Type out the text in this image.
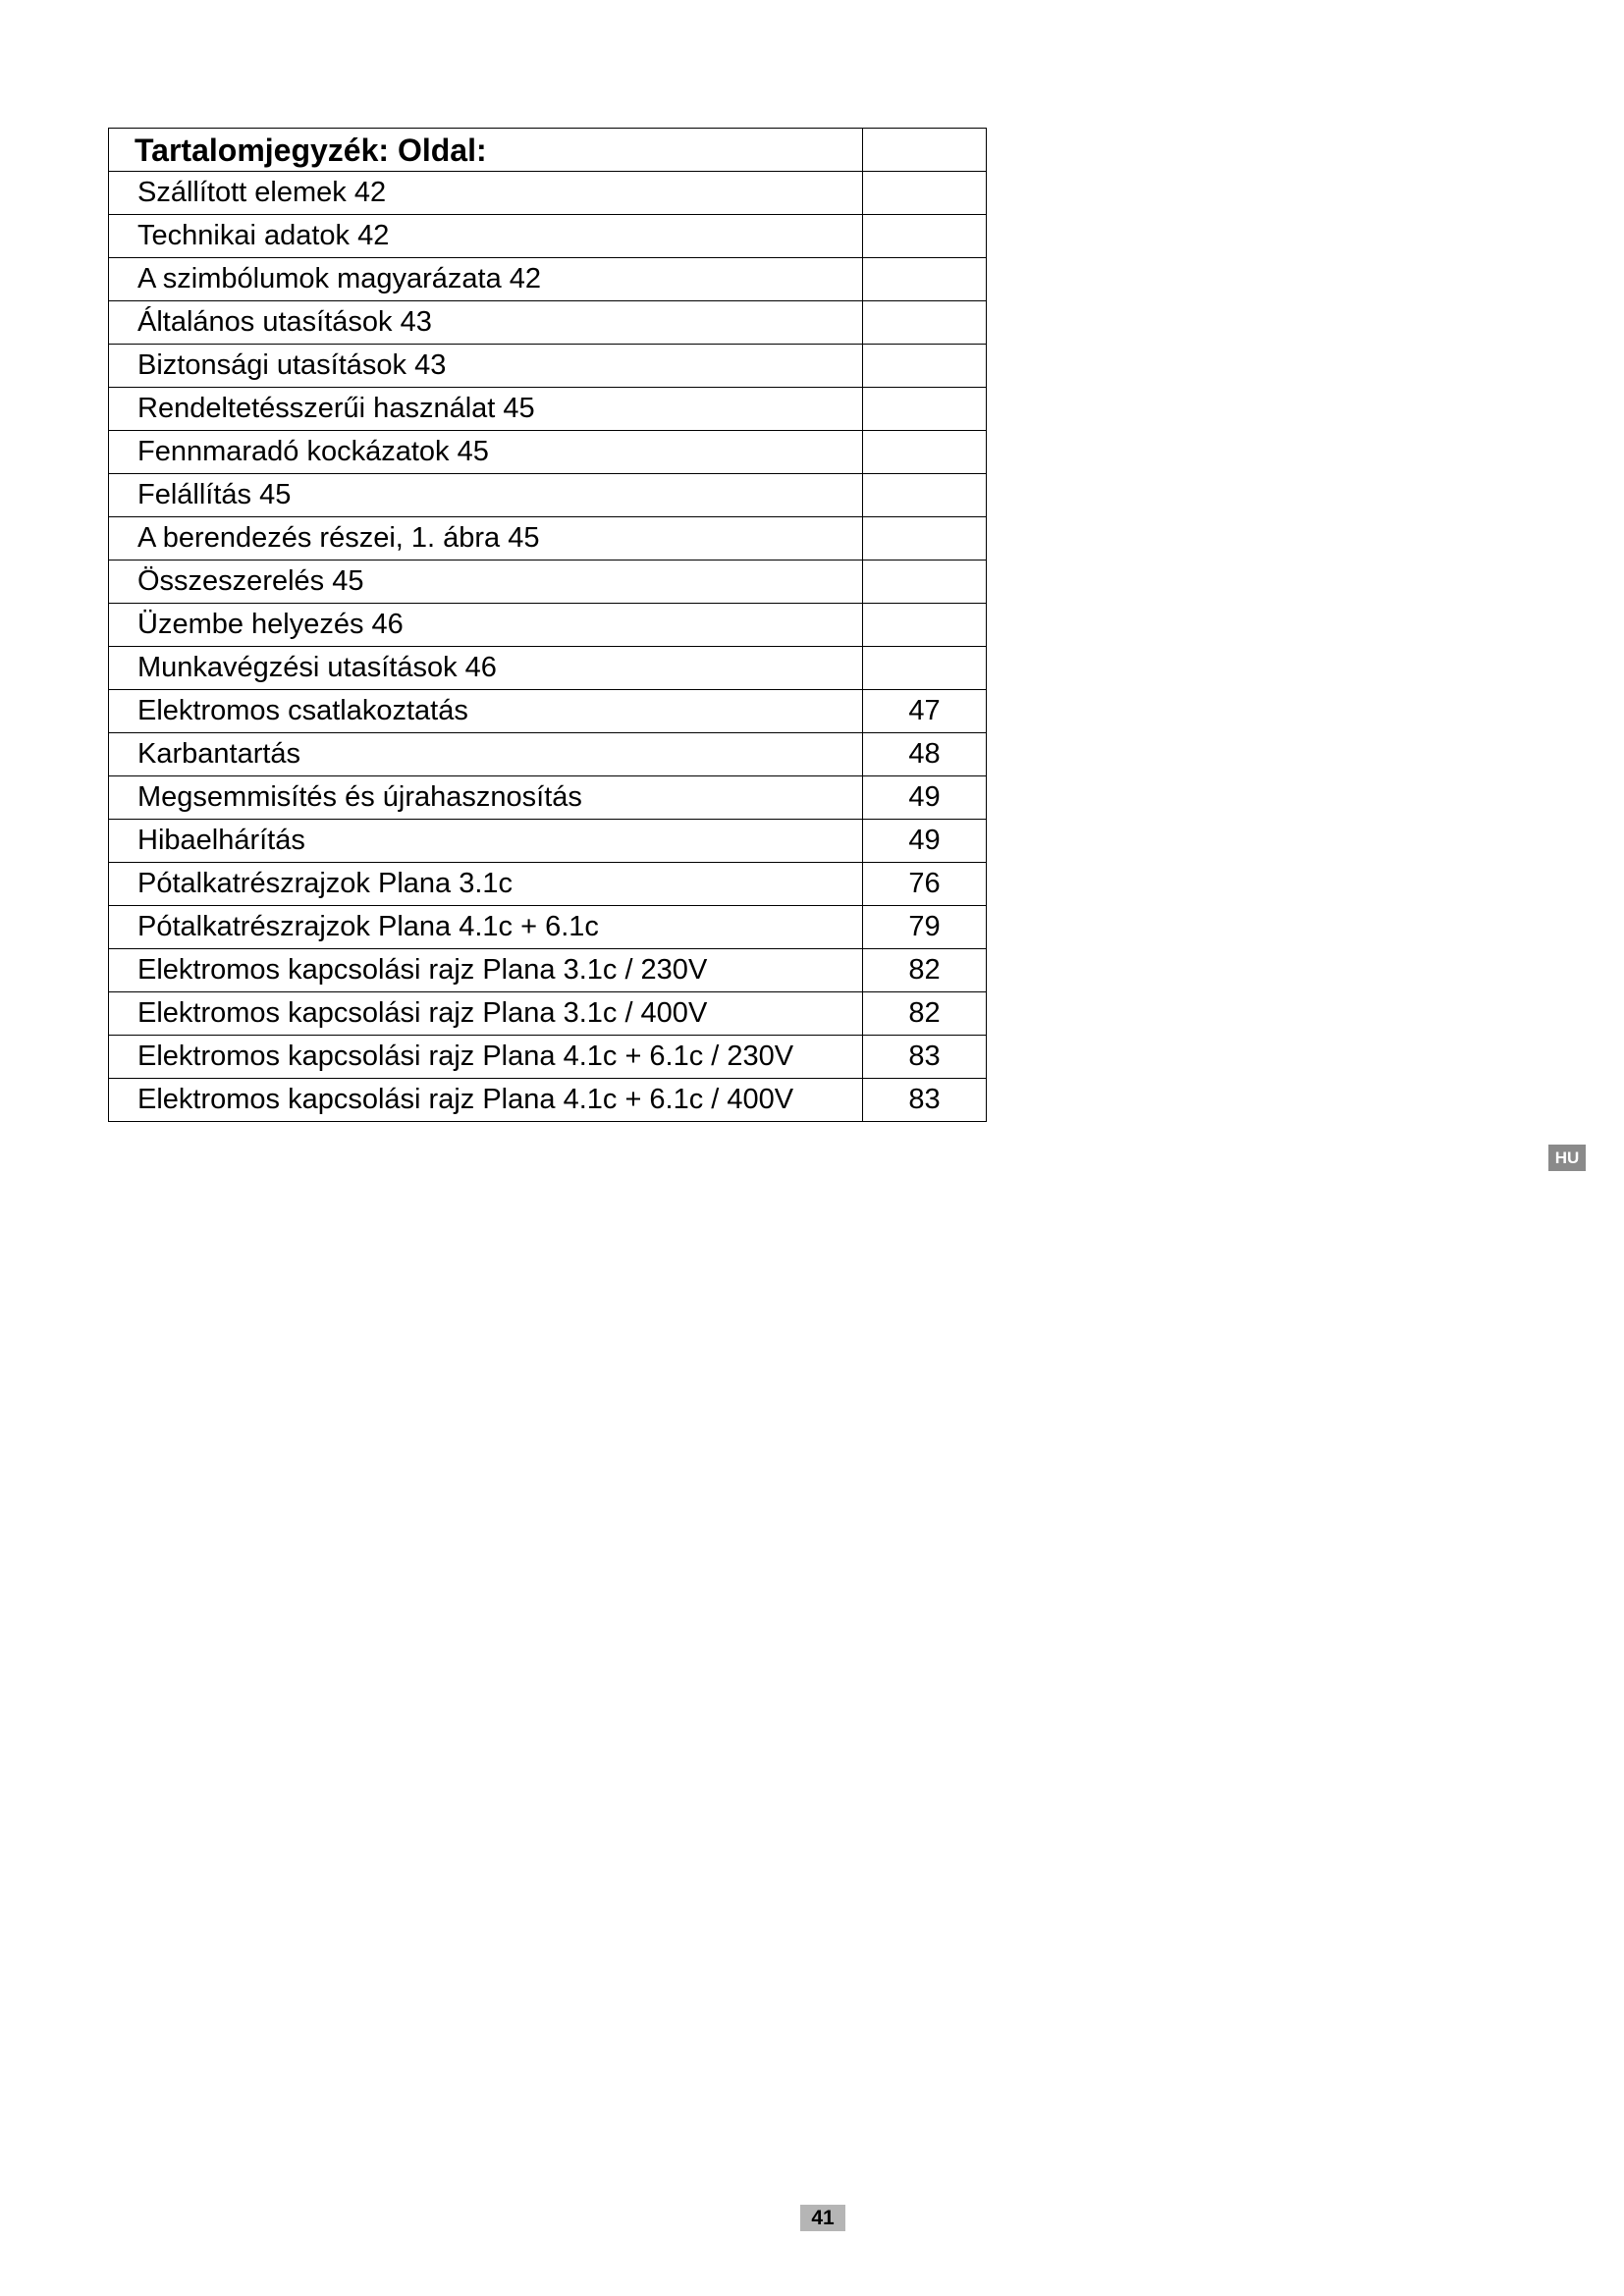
Tartalomjegyzék: Oldal:	
Szállított elemek 42	
Technikai adatok 42	
A szimbólumok magyarázata 42	
Általános utasítások 43	
Biztonsági utasítások 43	
Rendeltetésszerűi használat 45	
Fennmaradó kockázatok 45	
Felállítás 45	
A berendezés részei, 1. ábra 45	
Összeszerelés 45	
Üzembe helyezés 46	
Munkavégzési utasítások 46	
Elektromos csatlakoztatás	47
Karbantartás	48
Megsemmisítés és újrahasznosítás	49
Hibaelhárítás	49
Pótalkatrészrajzok Plana 3.1c	76
Pótalkatrészrajzok Plana 4.1c + 6.1c	79
Elektromos kapcsolási rajz Plana 3.1c / 230V	82
Elektromos kapcsolási rajz Plana 3.1c / 400V	82
Elektromos kapcsolási rajz Plana 4.1c + 6.1c / 230V	83
Elektromos kapcsolási rajz Plana 4.1c + 6.1c / 400V	83
HU
41
